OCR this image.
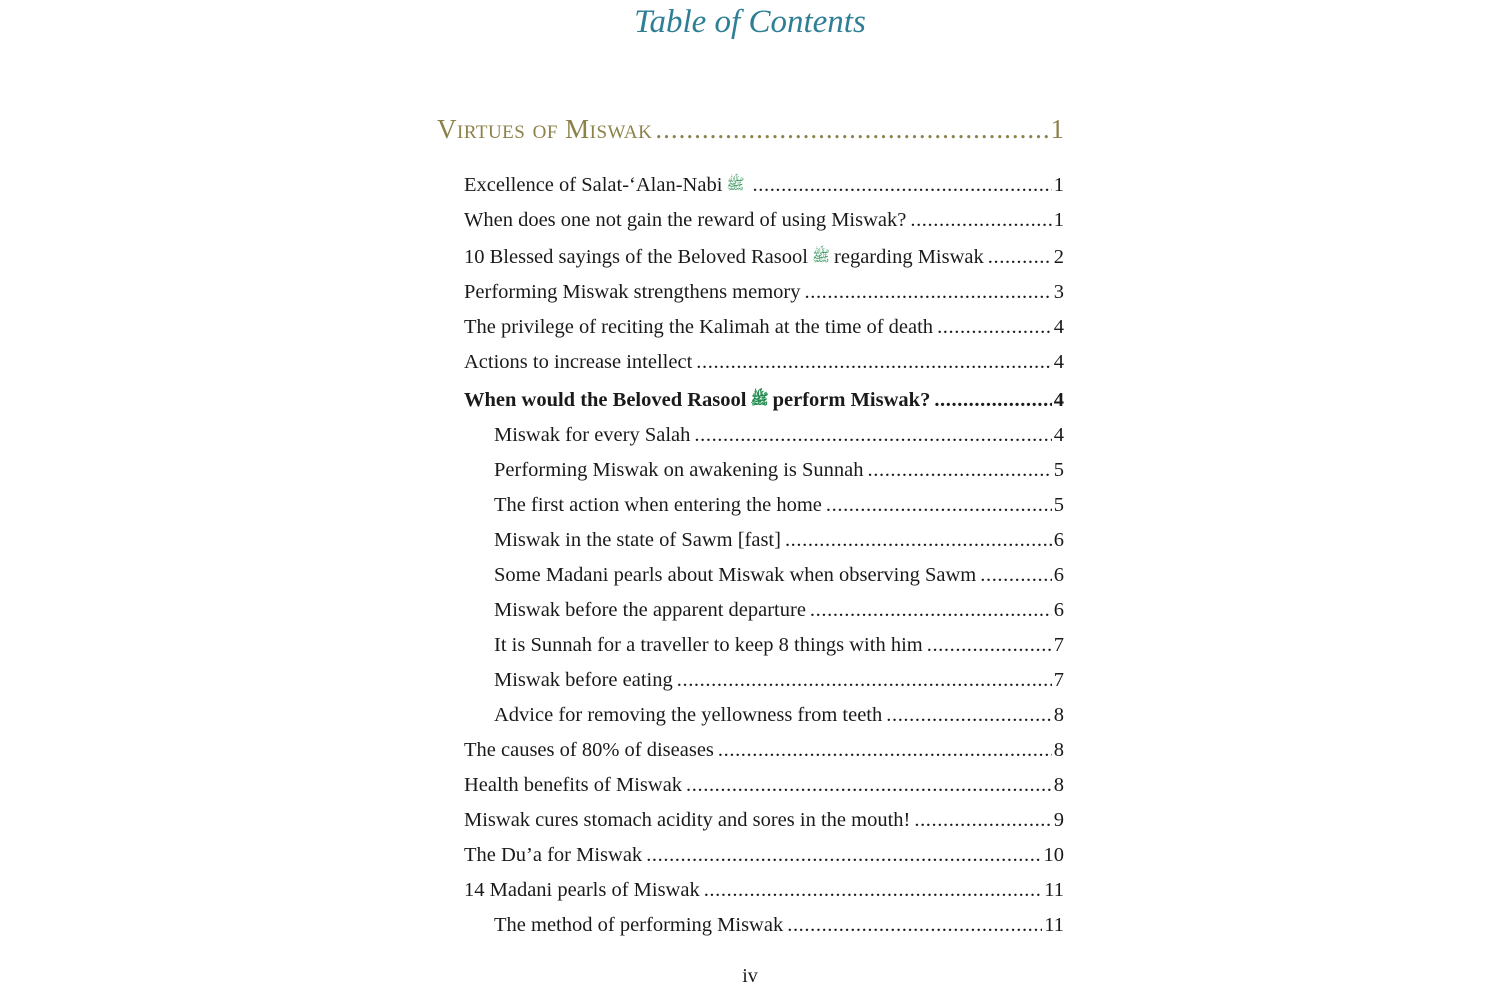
Table of Contents
Virtues of Miswak .....	1
Excellence of Salat-‘Alan-Nabi ﷺ .....	1
When does one not gain the reward of using Miswak? .....	1
10 Blessed sayings of the Beloved Rasool ﷺ regarding Miswak .....	2
Performing Miswak strengthens memory .....	3
The privilege of reciting the Kalimah at the time of death .....	4
Actions to increase intellect .....	4
When would the Beloved Rasool ﷺ perform Miswak? .....	4
Miswak for every Salah .....	4
Performing Miswak on awakening is Sunnah .....	5
The first action when entering the home .....	5
Miswak in the state of Sawm [fast] .....	6
Some Madani pearls about Miswak when observing Sawm .....	6
Miswak before the apparent departure .....	6
It is Sunnah for a traveller to keep 8 things with him .....	7
Miswak before eating .....	7
Advice for removing the yellowness from teeth .....	8
The causes of 80% of diseases .....	8
Health benefits of Miswak .....	8
Miswak cures stomach acidity and sores in the mouth! .....	9
The Du’a for Miswak .....	10
14 Madani pearls of Miswak .....	11
The method of performing Miswak .....	11
iv
